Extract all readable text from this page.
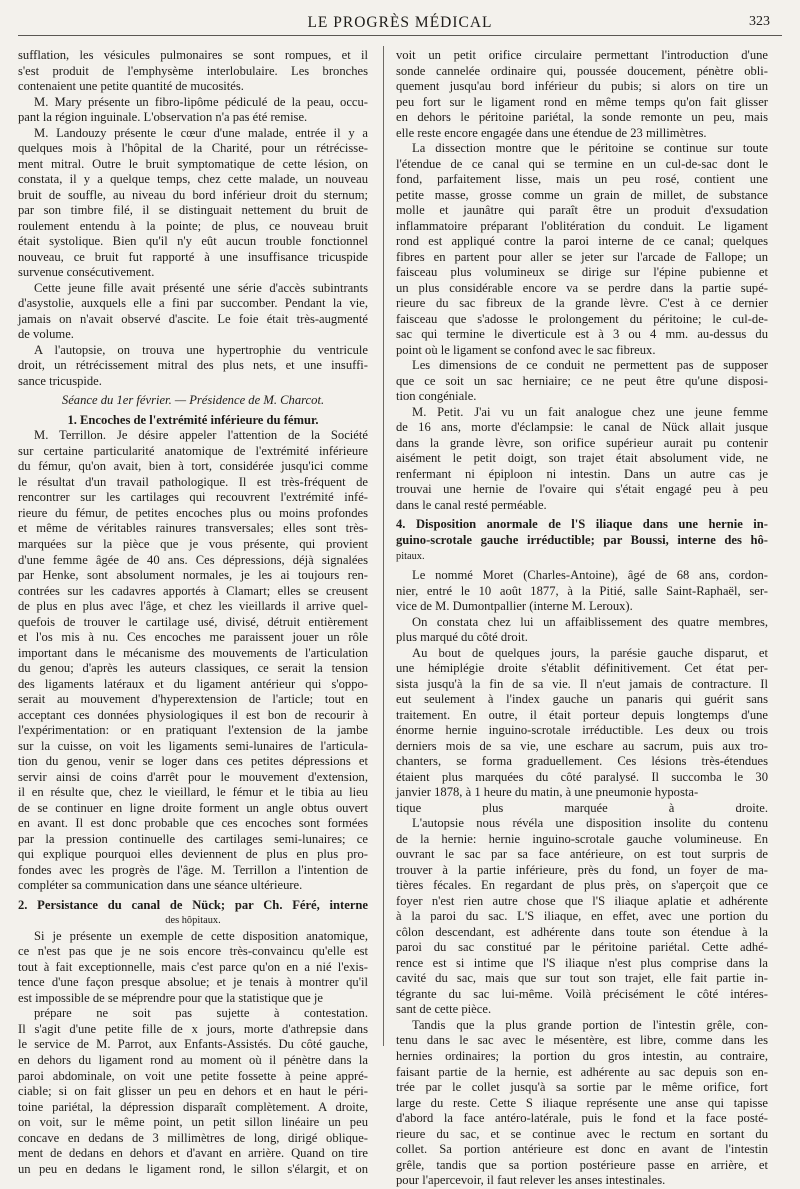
LE PROGRÈS MÉDICAL	323
sufflation, les vésicules pulmonaires se sont rompues, et il
s'est produit de l'emphysème interlobulaire. Les bronches
contenaient une petite quantité de mucosités.
M. Mary présente un fibro-lipôme pédiculé de la peau, occu-
pant la région inguinale. L'observation n'a pas été remise.
M. Landouzy présente le cœur d'une malade, entrée il y a
quelques mois à l'hôpital de la Charité, pour un rétrécisse-
ment mitral. Outre le bruit symptomatique de cette lésion, on
constata, il y a quelque temps, chez cette malade, un nouveau
bruit de souffle, au niveau du bord inférieur droit du sternum;
par son timbre filé, il se distinguait nettement du bruit de
roulement entendu à la pointe; de plus, ce nouveau bruit
était systolique. Bien qu'il n'y eût aucun trouble fonctionnel
nouveau, ce bruit fut rapporté à une insuffisance tricuspide
survenue consécutivement.
Cette jeune fille avait présenté une série d'accès subintrants
d'asystolie, auxquels elle a fini par succomber. Pendant la vie,
jamais on n'avait observé d'ascite. Le foie était très-augmenté
de volume.
A l'autopsie, on trouva une hypertrophie du ventricule
droit, un rétrécissement mitral des plus nets, et une insuffi-
sance tricuspide.
Séance du 1er février. — Présidence de M. Charcot.
1. Encoches de l'extrémité inférieure du fémur.
M. Terrillon. Je désire appeler l'attention de la Société
sur certaine particularité anatomique de l'extrémité inférieure
du fémur, qu'on avait, bien à tort, considérée jusqu'ici comme
le résultat d'un travail pathologique. Il est très-fréquent de
rencontrer sur les cartilages qui recouvrent l'extrémité infé-
rieure du fémur, de petites encoches plus ou moins profondes
et même de véritables rainures transversales; elles sont très-
marquées sur la pièce que je vous présente, qui provient
d'une femme âgée de 40 ans. Ces dépressions, déjà signalées
par Henke, sont absolument normales, je les ai toujours ren-
contrées sur les cadavres apportés à Clamart; elles se creusent
de plus en plus avec l'âge, et chez les vieillards il arrive quel-
quefois de trouver le cartilage usé, divisé, détruit entièrement
et l'os mis à nu. Ces encoches me paraissent jouer un rôle
important dans le mécanisme des mouvements de l'articulation
du genou; d'après les auteurs classiques, ce serait la tension
des ligaments latéraux et du ligament antérieur qui s'oppo-
serait au mouvement d'hyperextension de l'article; tout en
acceptant ces données physiologiques il est bon de recourir à
l'expérimentation: or en pratiquant l'extension de la jambe
sur la cuisse, on voit les ligaments semi-lunaires de l'articula-
tion du genou, venir se loger dans ces petites dépressions et
servir ainsi de coins d'arrêt pour le mouvement d'extension,
il en résulte que, chez le vieillard, le fémur et le tibia au lieu
de se continuer en ligne droite forment un angle obtus ouvert
en avant. Il est donc probable que ces encoches sont formées
par la pression continuelle des cartilages semi-lunaires; ce
qui explique pourquoi elles deviennent de plus en plus pro-
fondes avec les progrès de l'âge. M. Terrillon a l'intention de
compléter sa communication dans une séance ultérieure.
2. Persistance du canal de Nück; par Ch. Féré, interne
des hôpitaux.
Si je présente un exemple de cette disposition anatomique,
ce n'est pas que je ne sois encore très-convaincu qu'elle est
tout à fait exceptionnelle, mais c'est parce qu'on en a nié l'exis-
tence d'une façon presque absolue; et je tenais à montrer qu'il
est impossible de se méprendre pour que la statistique que je
prépare ne soit pas sujette à contestation.
Il s'agit d'une petite fille de x jours, morte d'athrepsie dans
le service de M. Parrot, aux Enfants-Assistés. Du côté gauche,
en dehors du ligament rond au moment où il pénètre dans la
paroi abdominale, on voit une petite fossette à peine appré-
ciable; si on fait glisser un peu en dehors et en haut le péri-
toine pariétal, la dépression disparaît complètement. A droite,
on voit, sur le même point, un petit sillon linéaire un peu
concave en dedans de 3 millimètres de long, dirigé oblique-
ment de dedans en dehors et d'avant en arrière. Quand on tire
un peu en dedans le ligament rond, le sillon s'élargit, et on
voit un petit orifice circulaire permettant l'introduction d'une
sonde cannelée ordinaire qui, poussée doucement, pénètre obli-
quement jusqu'au bord inférieur du pubis; si alors on tire un
peu fort sur le ligament rond en même temps qu'on fait glisser
en dehors le péritoine pariétal, la sonde remonte un peu, mais
elle reste encore engagée dans une étendue de 23 millimètres.
La dissection montre que le péritoine se continue sur toute
l'étendue de ce canal qui se termine en un cul-de-sac dont le
fond, parfaitement lisse, mais un peu rosé, contient une
petite masse, grosse comme un grain de millet, de substance
molle et jaunâtre qui paraît être un produit d'exsudation
inflammatoire préparant l'oblitération du conduit. Le ligament
rond est appliqué contre la paroi interne de ce canal; quelques
fibres en partent pour aller se jeter sur l'arcade de Fallope; un
faisceau plus volumineux se dirige sur l'épine pubienne et
un plus considérable encore va se perdre dans la partie supé-
rieure du sac fibreux de la grande lèvre. C'est à ce dernier
faisceau que s'adosse le prolongement du péritoine; le cul-de-
sac qui termine le diverticule est à 3 ou 4 mm. au-dessus du
point où le ligament se confond avec le sac fibreux.
Les dimensions de ce conduit ne permettent pas de supposer
que ce soit un sac herniaire; ce ne peut être qu'une disposi-
tion congéniale.
M. Petit. J'ai vu un fait analogue chez une jeune femme
de 16 ans, morte d'éclampsie: le canal de Nück allait jusque
dans la grande lèvre, son orifice supérieur aurait pu contenir
aisément le petit doigt, son trajet était absolument vide, ne
renfermant ni épiploon ni intestin. Dans un autre cas je
trouvai une hernie de l'ovaire qui s'était engagé peu à peu
dans le canal resté perméable.
4. Disposition anormale de l'S iliaque dans une hernie in-
guino-scrotale gauche irréductible; par Boussi, interne des hô-
pitaux.
Le nommé Moret (Charles-Antoine), âgé de 68 ans, cordon-
nier, entré le 10 août 1877, à la Pitié, salle Saint-Raphaël, ser-
vice de M. Dumontpallier (interne M. Leroux).
On constata chez lui un affaiblissement des quatre membres,
plus marqué du côté droit.
Au bout de quelques jours, la parésie gauche disparut, et
une hémiplégie droite s'établit définitivement. Cet état per-
sista jusqu'à la fin de sa vie. Il n'eut jamais de contracture. Il
eut seulement à l'index gauche un panaris qui guérit sans
traitement. En outre, il était porteur depuis longtemps d'une
énorme hernie inguino-scrotale irréductible. Les deux ou trois
derniers mois de sa vie, une eschare au sacrum, puis aux tro-
chanters, se forma graduellement. Ces lésions très-étendues
étaient plus marquées du côté paralysé. Il succomba le 30
janvier 1878, à 1 heure du matin, à une pneumonie hyposta-
tique plus marquée à droite.
L'autopsie nous révéla une disposition insolite du contenu
de la hernie: hernie inguino-scrotale gauche volumineuse. En
ouvrant le sac par sa face antérieure, on est tout surpris de
trouver à la partie inférieure, près du fond, un foyer de ma-
tières fécales. En regardant de plus près, on s'aperçoit que ce
foyer n'est rien autre chose que l'S iliaque aplatie et adhérente
à la paroi du sac. L'S iliaque, en effet, avec une portion du
côlon descendant, est adhérente dans toute son étendue à la
paroi du sac constitué par le péritoine pariétal. Cette adhé-
rence est si intime que l'S iliaque n'est plus comprise dans la
cavité du sac, mais que sur tout son trajet, elle fait partie in-
tégrante du sac lui-même. Voilà précisément le côté intéres-
sant de cette pièce.
Tandis que la plus grande portion de l'intestin grêle, con-
tenu dans le sac avec le mésentère, est libre, comme dans les
hernies ordinaires; la portion du gros intestin, au contraire,
faisant partie de la hernie, est adhérente au sac depuis son en-
trée par le collet jusqu'à sa sortie par le même orifice, fort
large du reste. Cette S iliaque représente une anse qui tapisse
d'abord la face antéro-latérale, puis le fond et la face posté-
rieure du sac, et se continue avec le rectum en sortant du
collet. Sa portion antérieure est donc en avant de l'intestin
grêle, tandis que sa portion postérieure passe en arrière, et
pour l'apercevoir, il faut relever les anses intestinales.
